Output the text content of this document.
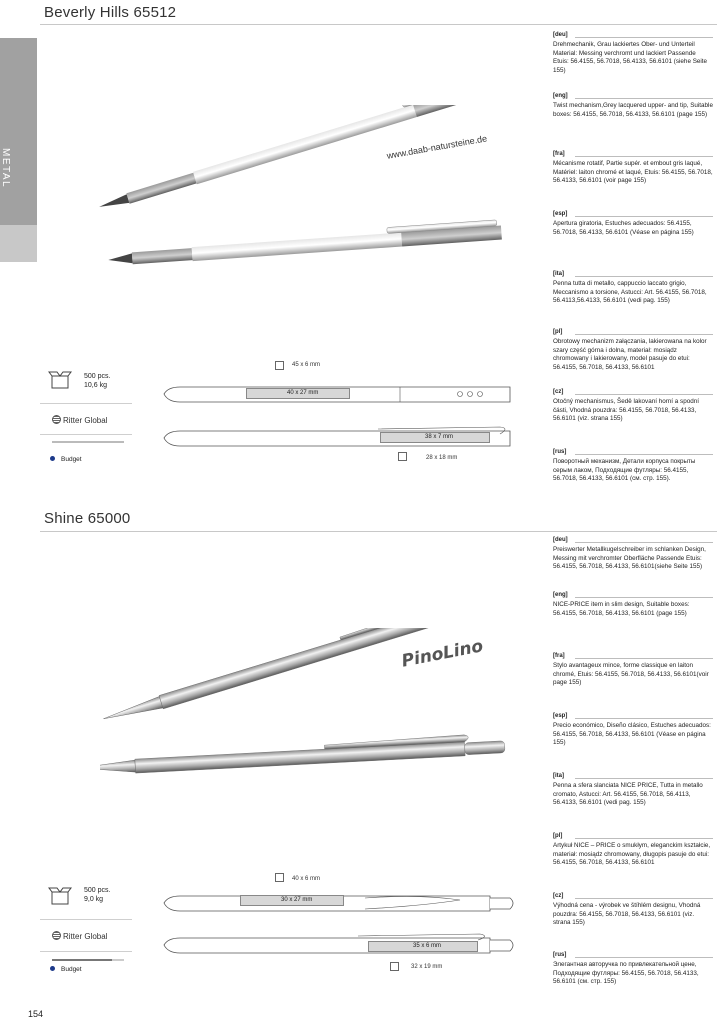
METAL
Beverly Hills 65512
www.daab-natursteine.de
[deu]
Drehmechanik, Grau lackiertes Ober- und Unterteil Material: Messing verchromt und lackiert Passende Etuis: 56.4155, 56.7018, 56.4133, 56.6101 (siehe Seite 155)
[eng]
Twist mechanism,Grey lacquered upper- and tip, Suitable boxes: 56.4155, 56.7018, 56.4133, 56.6101 (page 155)
[fra]
Mécanisme rotatif, Partie supér. et embout gris laqué, Matériel: laiton chromé et laqué, Etuis: 56.4155, 56.7018, 56.4133, 56.6101 (voir page 155)
[esp]
Apertura giratoria, Estuches adecuados: 56.4155, 56.7018, 56.4133, 56.6101 (Véase en página 155)
[ita]
Penna tutta di metallo, cappuccio laccato grigio, Meccanismo a torsione, Astucci: Art. 56.4155, 56.7018, 56.4113,56.4133, 56.6101 (vedi pag. 155)
[pl]
Obrotowy mechanizm załączania, lakierowana na kolor szary część górna i dolna, materiał: mosiądz chromowany i lakierowany, model pasuje do etui: 56.4155, 56.7018, 56.4133, 56.6101
[cz]
Otočný mechanismus, Šedě lakovaní horní a spodní části, Vhodná pouzdra: 56.4155, 56.7018, 56.4133, 56.6101 (viz. strana 155)
[rus]
Поворотный механизм, Детали корпуса покрыты серым лаком, Подходящие футляры: 56.4155, 56.7018, 56.4133, 56.6101 (см. стр. 155).
500 pcs.
10,6 kg
Ritter Global
Budget
45 x 6 mm
40 x 27 mm
38 x 7 mm
28 x 18 mm
Shine 65000
PinoLino
[deu]
Preiswerter Metallkugelschreiber im schlanken Design, Messing mit verchromter Oberfläche Passende Etuis: 56.4155, 56.7018, 56.4133, 56.6101(siehe Seite 155)
[eng]
NICE-PRICE item in slim design, Suitable boxes: 56.4155, 56.7018, 56.4133, 56.6101 (page 155)
[fra]
Stylo avantageux mince, forme classique en laiton chromé, Etuis: 56.4155, 56.7018, 56.4133, 56.6101(voir page 155)
[esp]
Precio económico, Diseño clásico, Estuches adecuados: 56.4155, 56.7018, 56.4133, 56.6101 (Véase en página 155)
[ita]
Penna a sfera slanciata NICE PRICE, Tutta in metallo cromato, Astucci: Art. 56.4155, 56.7018, 56.4113, 56.4133, 56.6101 (vedi pag. 155)
[pl]
Artykuł NICE – PRICE o smukłym, eleganckim kształcie, materiał: mosiądz chromowany, długopis pasuje do etui: 56.4155, 56.7018, 56.4133, 56.6101
[cz]
Výhodná cena - výrobek ve štíhlém designu, Vhodná pouzdra: 56.4155, 56.7018, 56.4133, 56.6101 (viz. strana 155)
[rus]
Элегантная авторучка по привлекательной цене, Подходящие футляры: 56.4155, 56.7018, 56.4133, 56.6101 (см. стр. 155)
500 pcs.
9,0 kg
Ritter Global
Budget
40 x 6 mm
30 x 27 mm
35 x 6 mm
32 x 19 mm
154
